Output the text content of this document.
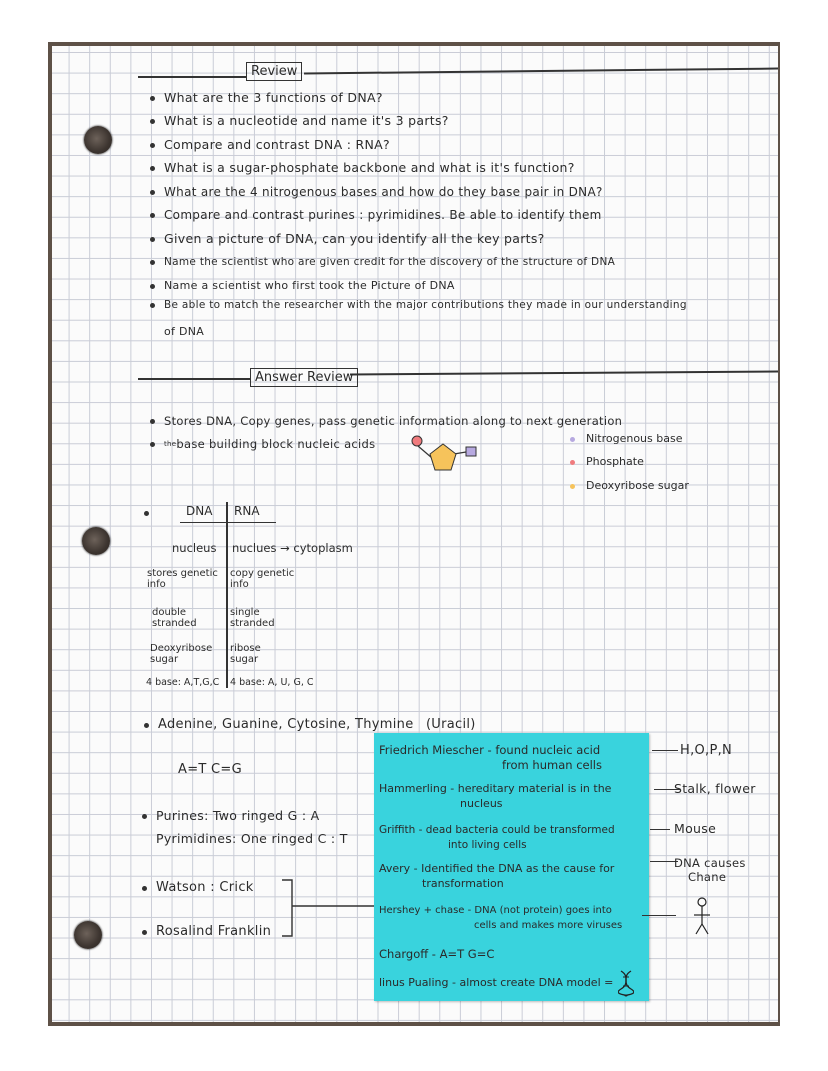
Review
What are the 3 functions of DNA?
What is a nucleotide and name it's 3 parts?
Compare and contrast DNA : RNA?
What is a sugar-phosphate backbone and what is it's function?
What are the 4 nitrogenous bases and how do they base pair in DNA?
Compare and contrast purines : pyrimidines. Be able to identify them
Given a picture of DNA, can you identify all the key parts?
Name the scientist who are given credit for the discovery of the structure of DNA
Name a scientist who first took the Picture of DNA
Be able to match the researcher with the major contributions they made in our understanding
of DNA
Answer Review
Stores DNA, Copy genes, pass genetic information along to next generation
$^{the}$base building block nucleic acids	Nitrogenous base
Phosphate
Deoxyribose sugar
DNA RNA
nucleus nuclues → cytoplasm
stores genetic info
copy genetic info
double stranded
single stranded
Deoxyribose sugar
ribose sugar
4 base: A,T,G,C 4 base: A, U, G, C
Adenine, Guanine, Cytosine, Thymine (Uracil)
A=T C=G
Purines: Two ringed G : A
Pyrimidines: One ringed C : T
Watson : Crick
Rosalind Franklin
Friedrich Miescher - found nucleic acid
from human cells
Hammerling - hereditary material is in the
nucleus
Griffith - dead bacteria could be transformed
into living cells
Avery - Identified the DNA as the cause for
transformation
Hershey + chase - DNA (not protein) goes into
cells and makes more viruses
Chargoff - A=T G=C
linus Pualing - almost create DNA model =
H,O,P,N
Stalk, flower
Mouse
DNA causes
Chane
